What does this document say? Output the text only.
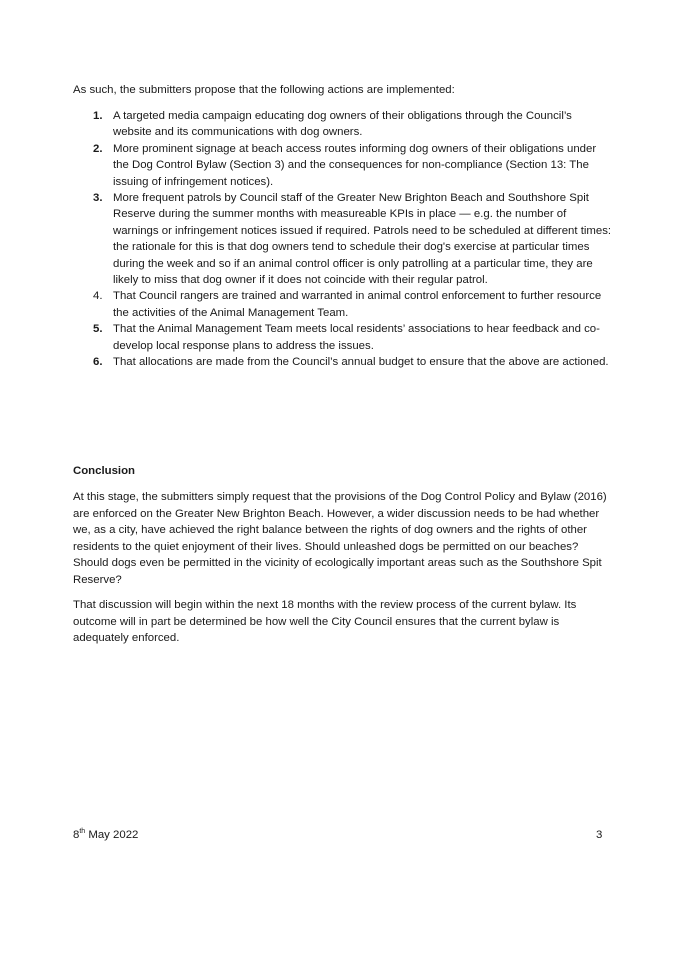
As such, the submitters propose that the following actions are implemented:
1. A targeted media campaign educating dog owners of their obligations through the Council’s website and its communications with dog owners.
2. More prominent signage at beach access routes informing dog owners of their obligations under the Dog Control Bylaw (Section 3) and the consequences for non-compliance (Section 13: The issuing of infringement notices).
3. More frequent patrols by Council staff of the Greater New Brighton Beach and Southshore Spit Reserve during the summer months with measureable KPIs in place — e.g. the number of warnings or infringement notices issued if required. Patrols need to be scheduled at different times: the rationale for this is that dog owners tend to schedule their dog's exercise at particular times during the week and so if an animal control officer is only patrolling at a particular time, they are likely to miss that dog owner if it does not coincide with their regular patrol.
4. That Council rangers are trained and warranted in animal control enforcement to further resource the activities of the Animal Management Team.
5. That the Animal Management Team meets local residents’ associations to hear feedback and co-develop local response plans to address the issues.
6. That allocations are made from the Council’s annual budget to ensure that the above are actioned.
Conclusion

At this stage, the submitters simply request that the provisions of the Dog Control Policy and Bylaw (2016) are enforced on the Greater New Brighton Beach. However, a wider discussion needs to be had whether we, as a city, have achieved the right balance between the rights of dog owners and the rights of other residents to the quiet enjoyment of their lives. Should unleashed dogs be permitted on our beaches? Should dogs even be permitted in the vicinity of ecologically important areas such as the Southshore Spit Reserve?

That discussion will begin within the next 18 months with the review process of the current bylaw. Its outcome will in part be determined be how well the City Council ensures that the current bylaw is adequately enforced.

8th May 2022	3
